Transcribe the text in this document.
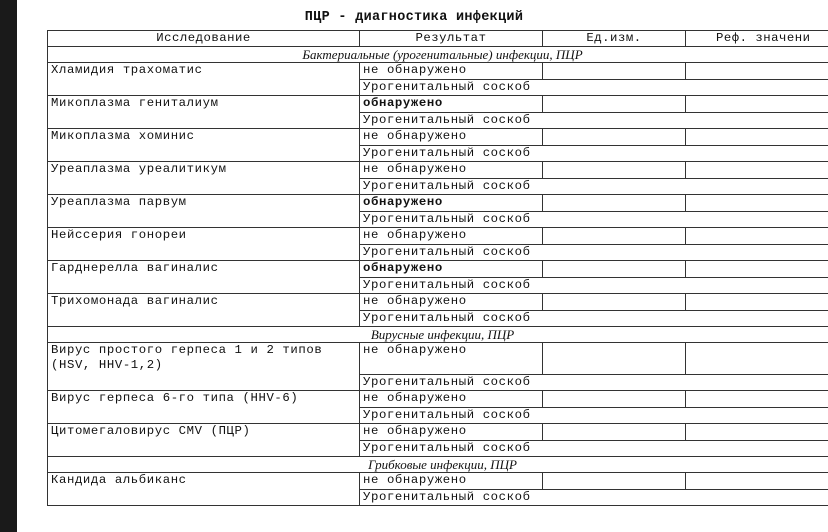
ПЦР - диагностика инфекций
Исследование	Результат	Ед.изм.	Реф. значени
Бактериальные (урогенитальные) инфекции, ПЦР			
Хламидия трахоматис	не обнаружено		
	Урогенитальный соскоб		
Микоплазма гениталиум	обнаружено		
	Урогенитальный соскоб		
Микоплазма хоминис	не обнаружено		
	Урогенитальный соскоб		
Уреаплазма уреалитикум	не обнаружено		
	Урогенитальный соскоб		
Уреаплазма парвум	обнаружено		
	Урогенитальный соскоб		
Нейссерия гонореи	не обнаружено		
	Урогенитальный соскоб		
Гарднерелла вагиналис	обнаружено		
	Урогенитальный соскоб		
Трихомонада вагиналис	не обнаружено		
	Урогенитальный соскоб		
Вирусные инфекции, ПЦР			
Вирус простого герпеса 1 и 2 типов
(HSV, HHV-1,2)	не обнаружено		
	Урогенитальный соскоб		
Вирус герпеса 6-го типа (HHV-6)	не обнаружено		
	Урогенитальный соскоб		
Цитомегаловирус CMV (ПЦР)	не обнаружено		
	Урогенитальный соскоб		
Грибковые инфекции, ПЦР			
Кандида альбиканс	не обнаружено		
	Урогенитальный соскоб		
